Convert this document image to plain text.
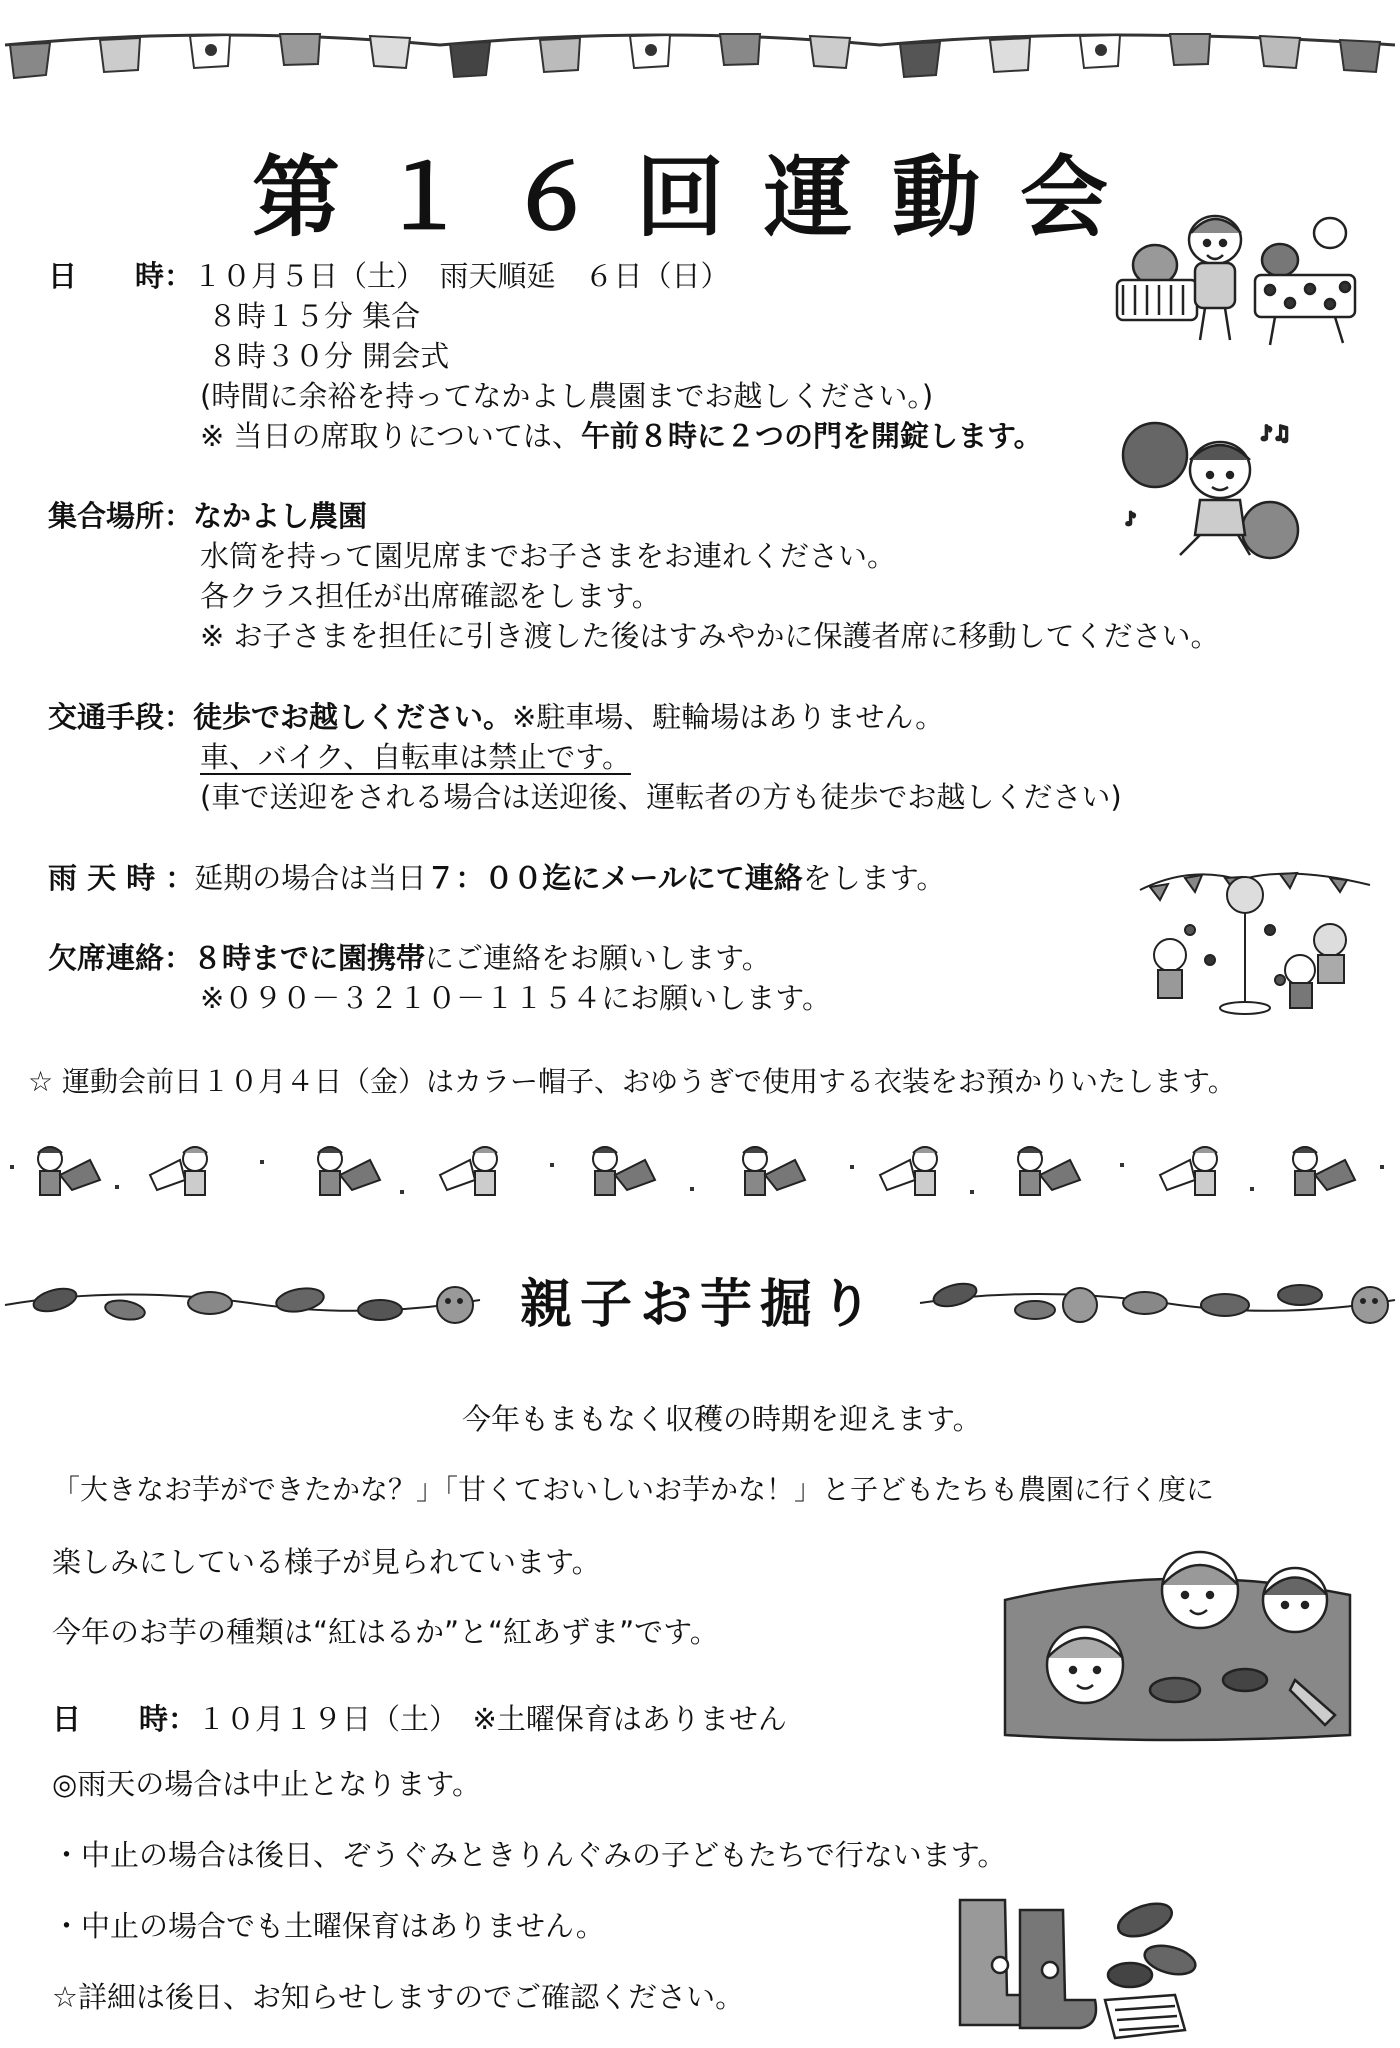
第１６回運動会
日　　時：１０月５日（土）　雨天順延　６日（日）
８時１５分 集合
８時３０分 開会式
(時間に余裕を持ってなかよし農園までお越しください。)
※ 当日の席取りについては、午前８時に２つの門を開錠します。
集合場所：なかよし農園
水筒を持って園児席までお子さまをお連れください。
各クラス担任が出席確認をします。
※ お子さまを担任に引き渡した後はすみやかに保護者席に移動してください。
交通手段：徒歩でお越しください。※駐車場、駐輪場はありません。
車、バイク、自転車は禁止です。
(車で送迎をされる場合は送迎後、運転者の方も徒歩でお越しください)
雨 天 時 ：延期の場合は当日７：００迄にメールにて連絡をします。
欠席連絡：８時までに園携帯にご連絡をお願いします。
※０９０－３２１０－１１５４にお願いします。
☆ 運動会前日１０月４日（金）はカラー帽子、おゆうぎで使用する衣装をお預かりいたします。
♪♫
♪
親子お芋掘り
今年もまもなく収穫の時期を迎えます。
「大きなお芋ができたかな？」「甘くておいしいお芋かな！」と子どもたちも農園に行く度に
楽しみにしている様子が見られています。
今年のお芋の種類は“紅はるか”と“紅あずま”です。
日　　時：１０月１９日（土）　※土曜保育はありません
◎雨天の場合は中止となります。
・中止の場合は後日、ぞうぐみときりんぐみの子どもたちで行ないます。
・中止の場合でも土曜保育はありません。
☆詳細は後日、お知らせしますのでご確認ください。
